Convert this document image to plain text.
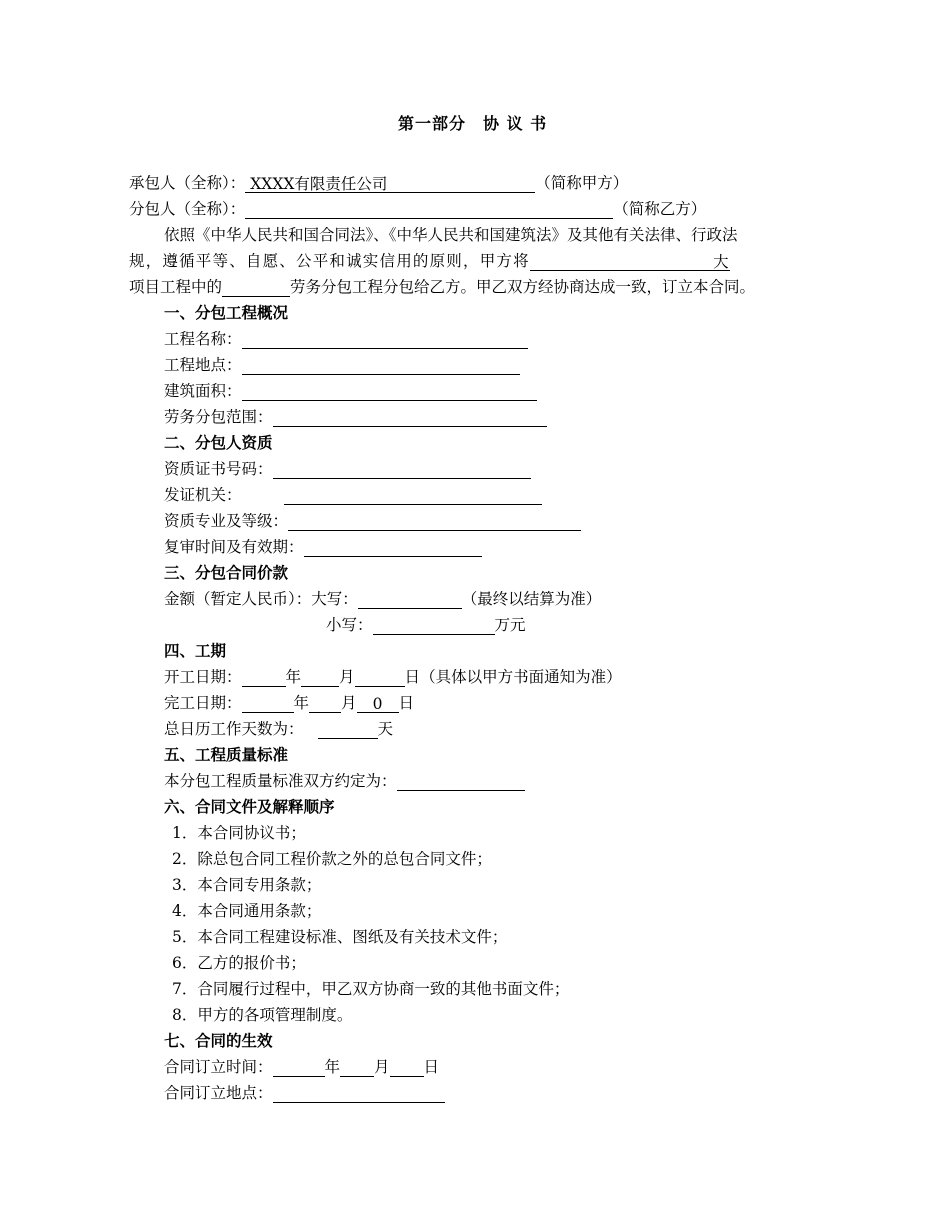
第一部分　协 议 书
承包人（全称）： XXXX有限责任公司	（简称甲方）
分包人（全称）：	（简称乙方）
依照《中华人民共和国合同法》、《中华人民共和国建筑法》及其他有关法律、行政法
规，遵循平等、自愿、公平和诚实信用的原则，甲方将	大
项目工程中的	劳务分包工程分包给乙方。甲乙双方经协商达成一致，订立本合同。
一、分包工程概况
工程名称：
工程地点：
建筑面积：
劳务分包范围：
二、分包人资质
资质证书号码：
发证机关：
资质专业及等级：
复审时间及有效期：
三、分包合同价款
金额（暂定人民币）：大写：	（最终以结算为准）
小写：	万元
四、工期
开工日期：	年 月	日（具体以甲方书面通知为准）
完工日期：	年 月 0 日
总日历工作天数为：	天
五、工程质量标准
本分包工程质量标准双方约定为：
六、合同文件及解释顺序
1．本合同协议书；
2．除总包合同工程价款之外的总包合同文件；
3．本合同专用条款；
4．本合同通用条款；
5．本合同工程建设标准、图纸及有关技术文件；
6．乙方的报价书；
7．合同履行过程中，甲乙双方协商一致的其他书面文件；
8．甲方的各项管理制度。
七、合同的生效
合同订立时间：	年 月 日
合同订立地点：
